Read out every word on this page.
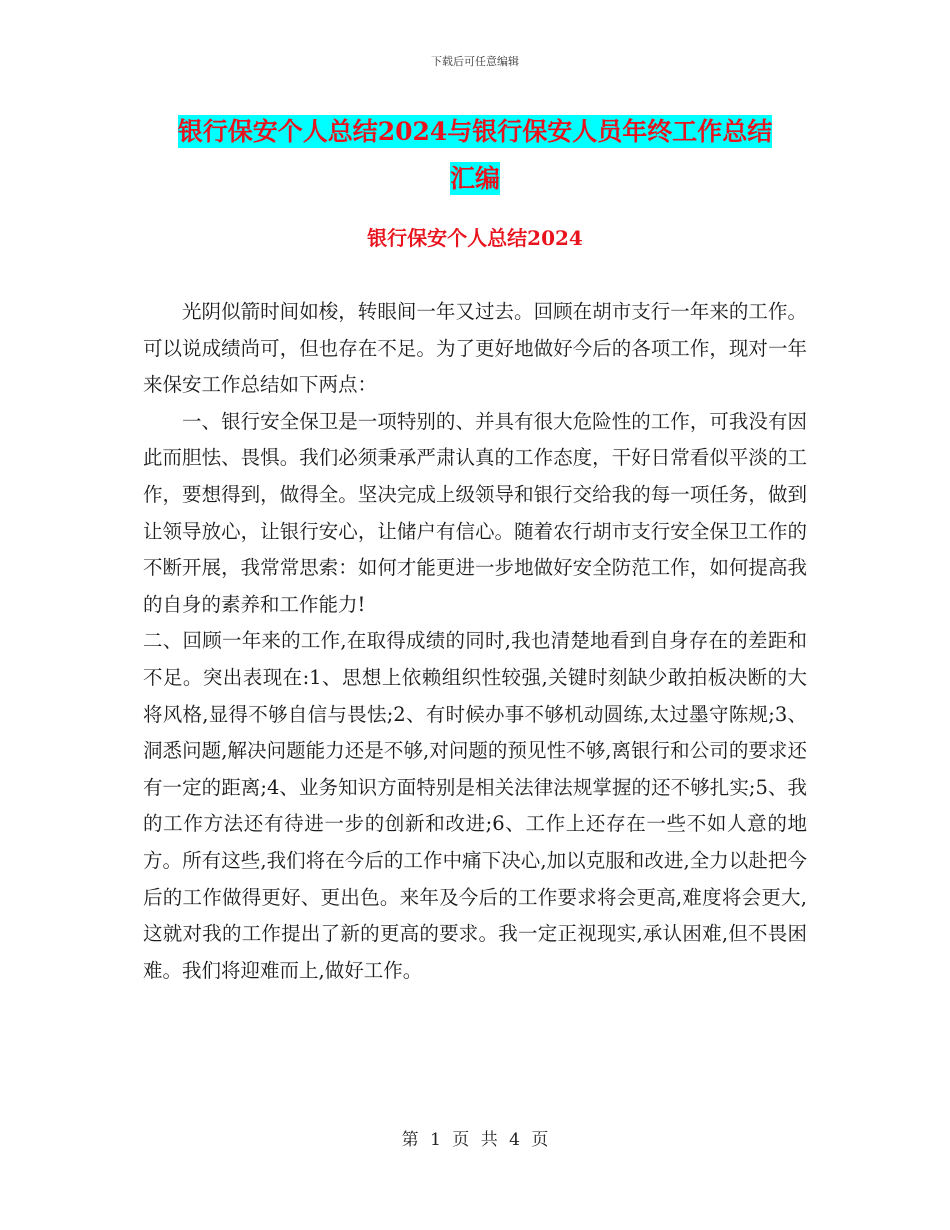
下载后可任意编辑
银行保安个人总结2024与银行保安人员年终工作总结
汇编
银行保安个人总结2024

光阴似箭时间如梭，转眼间一年又过去。回顾在胡市支行一年来的工作。可以说成绩尚可，但也存在不足。为了更好地做好今后的各项工作，现对一年来保安工作总结如下两点：

一、银行安全保卫是一项特别的、并具有很大危险性的工作，可我没有因此而胆怯、畏惧。我们必须秉承严肃认真的工作态度，干好日常看似平淡的工作，要想得到，做得全。坚决完成上级领导和银行交给我的每一项任务，做到让领导放心，让银行安心，让储户有信心。随着农行胡市支行安全保卫工作的不断开展，我常常思索：如何才能更进一步地做好安全防范工作，如何提高我的自身的素养和工作能力!

二、回顾一年来的工作,在取得成绩的同时,我也清楚地看到自身存在的差距和不足。突出表现在:1、思想上依赖组织性较强,关键时刻缺少敢拍板决断的大将风格,显得不够自信与畏怯;2、有时候办事不够机动圆练,太过墨守陈规;3、洞悉问题,解决问题能力还是不够,对问题的预见性不够,离银行和公司的要求还有一定的距离;4、业务知识方面特别是相关法律法规掌握的还不够扎实;5、我的工作方法还有待进一步的创新和改进;6、工作上还存在一些不如人意的地方。所有这些,我们将在今后的工作中痛下决心,加以克服和改进,全力以赴把今后的工作做得更好、更出色。来年及今后的工作要求将会更高,难度将会更大,这就对我的工作提出了新的更高的要求。我一定正视现实,承认困难,但不畏困难。我们将迎难而上,做好工作。

第 1 页 共 4 页
